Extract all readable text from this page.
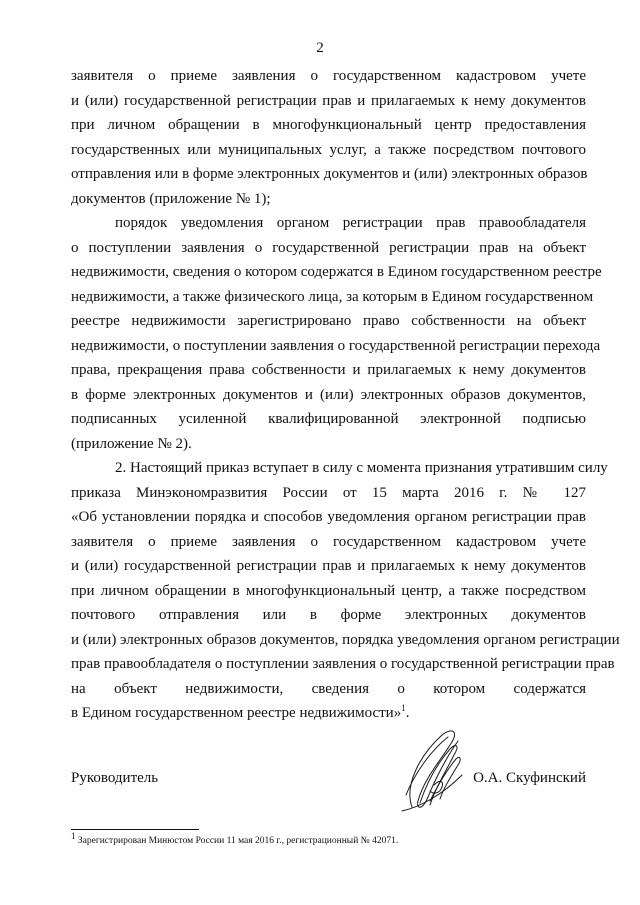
2

заявителя о приеме заявления о государственном кадастровом учете
и (или) государственной регистрации прав и прилагаемых к нему документов
при личном обращении в многофункциональный центр предоставления
государственных или муниципальных услуг, а также посредством почтового
отправления или в форме электронных документов и (или) электронных образов
документов (приложение № 1);

порядок уведомления органом регистрации прав правообладателя
о поступлении заявления о государственной регистрации прав на объект
недвижимости, сведения о котором содержатся в Едином государственном реестре
недвижимости, а также физического лица, за которым в Едином государственном
реестре недвижимости зарегистрировано право собственности на объект
недвижимости, о поступлении заявления о государственной регистрации перехода
права, прекращения права собственности и прилагаемых к нему документов
в форме электронных документов и (или) электронных образов документов,
подписанных усиленной квалифицированной электронной подписью
(приложение № 2).

2. Настоящий приказ вступает в силу с момента признания утратившим силу
приказа Минэкономразвития России от 15 марта 2016 г. № 127
«Об установлении порядка и способов уведомления органом регистрации прав
заявителя о приеме заявления о государственном кадастровом учете
и (или) государственной регистрации прав и прилагаемых к нему документов
при личном обращении в многофункциональный центр, а также посредством
почтового отправления или в форме электронных документов
и (или) электронных образов документов, порядка уведомления органом регистрации
прав правообладателя о поступлении заявления о государственной регистрации прав
на объект недвижимости, сведения о котором содержатся
в Едином государственном реестре недвижимости»$^1$.

Руководитель	О.А. Скуфинский
$^1$ Зарегистрирован Минюстом России 11 мая 2016 г., регистрационный № 42071.
